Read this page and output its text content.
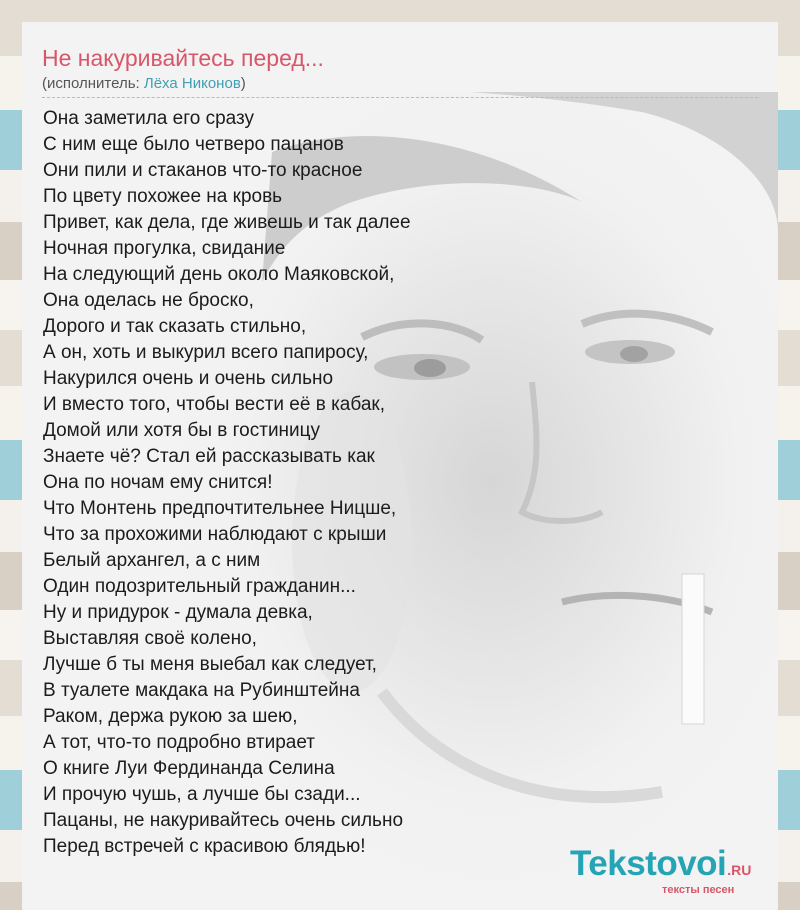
Не накуривайтесь перед...
(исполнитель: Лёха Никонов)
Она заметила его сразу
С ним еще было четверо пацанов
Они пили и стаканов что-то красное
По цвету похожее на кровь
Привет, как дела, где живешь и так далее
Ночная прогулка, свидание
На следующий день около Маяковской,
Она оделась не броско,
Дорого и так сказать стильно,
А он, хоть и выкурил всего папиросу,
Накурился очень и очень сильно
И вместо того, чтобы вести её в кабак,
Домой или хотя бы в гостиницу
Знаете чё? Стал ей рассказывать как
Она по ночам ему снится!
Что Монтень предпочтительнее Ницше,
Что за прохожими наблюдают с крыши
Белый архангел, а с ним
Один подозрительный гражданин...
Ну и придурок - думала девка,
Выставляя своё колено,
Лучше б ты меня выебал как следует,
В туалете макдака на Рубинштейна
Раком, держа рукою за шею,
А тот, что-то подробно втирает
О книге Луи Фердинанда Селина
И прочую чушь, а лучше бы сзади...
Пацаны, не накуривайтесь очень сильно
Перед встречей с красивою блядью!	Tekstovoi.RU
тексты песен
